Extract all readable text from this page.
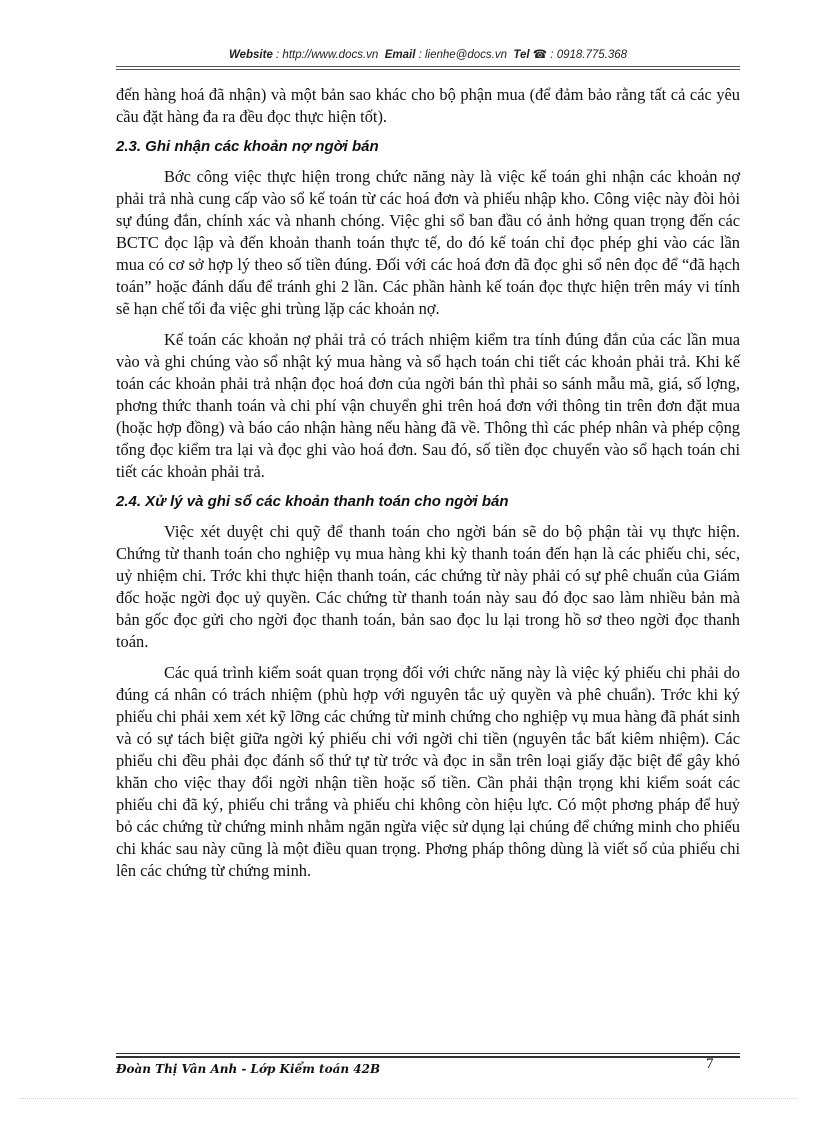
Website : http://www.docs.vn Email : lienhe@docs.vn Tel ☎ : 0918.775.368

đến hàng hoá đã nhận) và một bản sao khác cho bộ phận mua (để đảm bảo rằng tất cả các yêu cầu đặt hàng đa ra đều đọc thực hiện tốt).

2.3. Ghi nhận các khoản nợ ngời bán

Bớc công việc thực hiện trong chức năng này là việc kế toán ghi nhận các khoản nợ phải trả nhà cung cấp vào sổ kế toán từ các hoá đơn và phiếu nhập kho. Công việc này đòi hỏi sự đúng đắn, chính xác và nhanh chóng. Việc ghi sổ ban đầu có ảnh hởng quan trọng đến các BCTC đọc lập và đến khoản thanh toán thực tế, do đó kế toán chỉ đọc phép ghi vào các lần mua có cơ sở hợp lý theo số tiền đúng. Đối với các hoá đơn đã đọc ghi sổ nên đọc để “đã hạch toán” hoặc đánh dấu để tránh ghi 2 lần. Các phần hành kế toán đọc thực hiện trên máy vi tính sẽ hạn chế tối đa việc ghi trùng lặp các khoản nợ.

Kế toán các khoản nợ phải trả có trách nhiệm kiểm tra tính đúng đắn của các lần mua vào và ghi chúng vào sổ nhật ký mua hàng và sổ hạch toán chi tiết các khoản phải trả. Khi kế toán các khoản phải trả nhận đọc hoá đơn của ngời bán thì phải so sánh mẫu mã, giá, số lợng, phơng thức thanh toán và chi phí vận chuyển ghi trên hoá đơn với thông tin trên đơn đặt mua (hoặc hợp đồng) và báo cáo nhận hàng nếu hàng đã về. Thông thì các phép nhân và phép cộng tổng đọc kiểm tra lại và đọc ghi vào hoá đơn. Sau đó, số tiền đọc chuyển vào sổ hạch toán chi tiết các khoản phải trả.

2.4. Xử lý và ghi sổ các khoản thanh toán cho ngời bán

Việc xét duyệt chi quỹ để thanh toán cho ngời bán sẽ do bộ phận tài vụ thực hiện. Chứng từ thanh toán cho nghiệp vụ mua hàng khi kỳ thanh toán đến hạn là các phiếu chi, séc, uỷ nhiệm chi. Trớc khi thực hiện thanh toán, các chứng từ này phải có sự phê chuẩn của Giám đốc hoặc ngời đọc uỷ quyền. Các chứng từ thanh toán này sau đó đọc sao làm nhiều bản mà bản gốc đọc gửi cho ngời đọc thanh toán, bản sao đọc lu lại trong hồ sơ theo ngời đọc thanh toán.

Các quá trình kiểm soát quan trọng đối với chức năng này là việc ký phiếu chi phải do đúng cá nhân có trách nhiệm (phù hợp với nguyên tắc uỷ quyền và phê chuẩn). Trớc khi ký phiếu chi phải xem xét kỹ lỡng các chứng từ minh chứng cho nghiệp vụ mua hàng đã phát sinh và có sự tách biệt giữa ngời ký phiếu chi với ngời chi tiền (nguyên tắc bất kiêm nhiệm). Các phiếu chi đều phải đọc đánh số thứ tự từ trớc và đọc in sẵn trên loại giấy đặc biệt để gây khó khăn cho việc thay đổi ngời nhận tiền hoặc số tiền. Cần phải thận trọng khi kiểm soát các phiếu chi đã ký, phiếu chi trắng và phiếu chi không còn hiệu lực. Có một phơng pháp để huỷ bỏ các chứng từ chứng minh nhằm ngăn ngừa việc sử dụng lại chúng để chứng minh cho phiếu chi khác sau này cũng là một điều quan trọng. Phơng pháp thông dùng là viết số của phiếu chi lên các chứng từ chứng minh.

Đoàn Thị Vân Anh - Lớp Kiểm toán 42B	7
